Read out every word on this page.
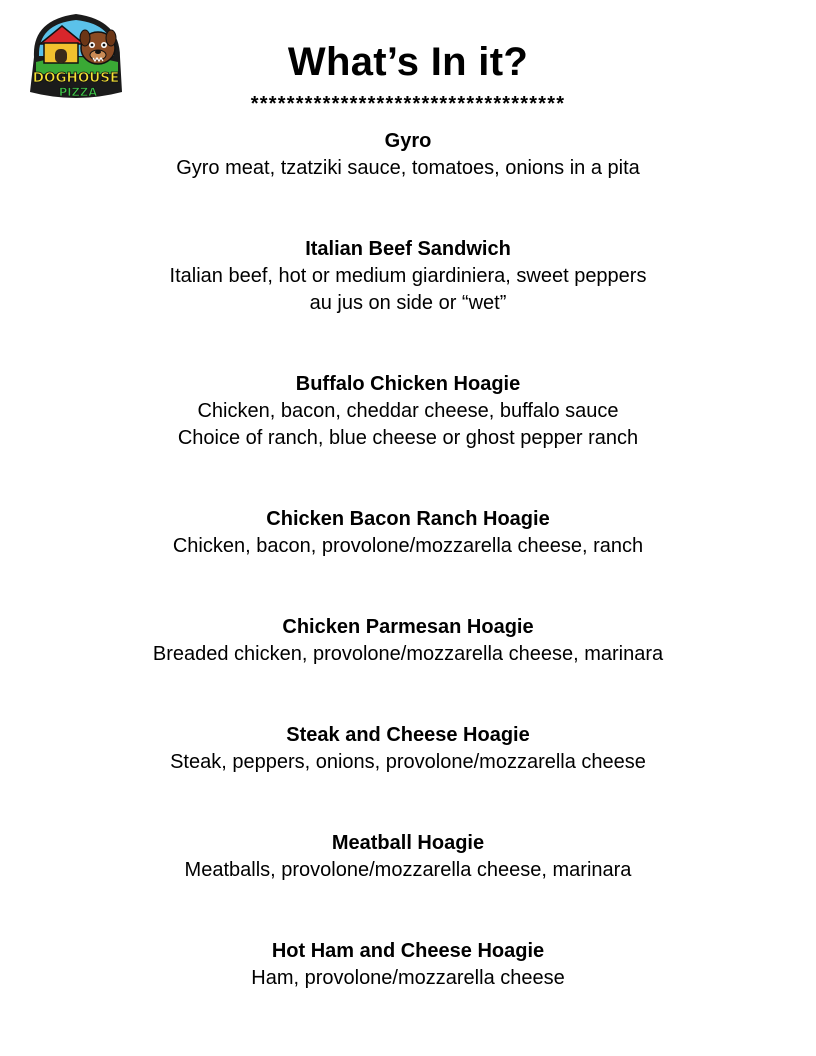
DOGHOUSE
PIZZA
What’s In it?
***********************************
Gyro
Gyro meat, tzatziki sauce, tomatoes, onions in a pita
Italian Beef Sandwich
Italian beef, hot or medium giardiniera, sweet peppers
au jus on side or “wet”
Buffalo Chicken Hoagie
Chicken, bacon, cheddar cheese, buffalo sauce
Choice of ranch, blue cheese or ghost pepper ranch
Chicken Bacon Ranch Hoagie
Chicken, bacon, provolone/mozzarella cheese, ranch
Chicken Parmesan Hoagie
Breaded chicken, provolone/mozzarella cheese, marinara
Steak and Cheese Hoagie
Steak, peppers, onions, provolone/mozzarella cheese
Meatball Hoagie
Meatballs, provolone/mozzarella cheese, marinara
Hot Ham and Cheese Hoagie
Ham, provolone/mozzarella cheese
